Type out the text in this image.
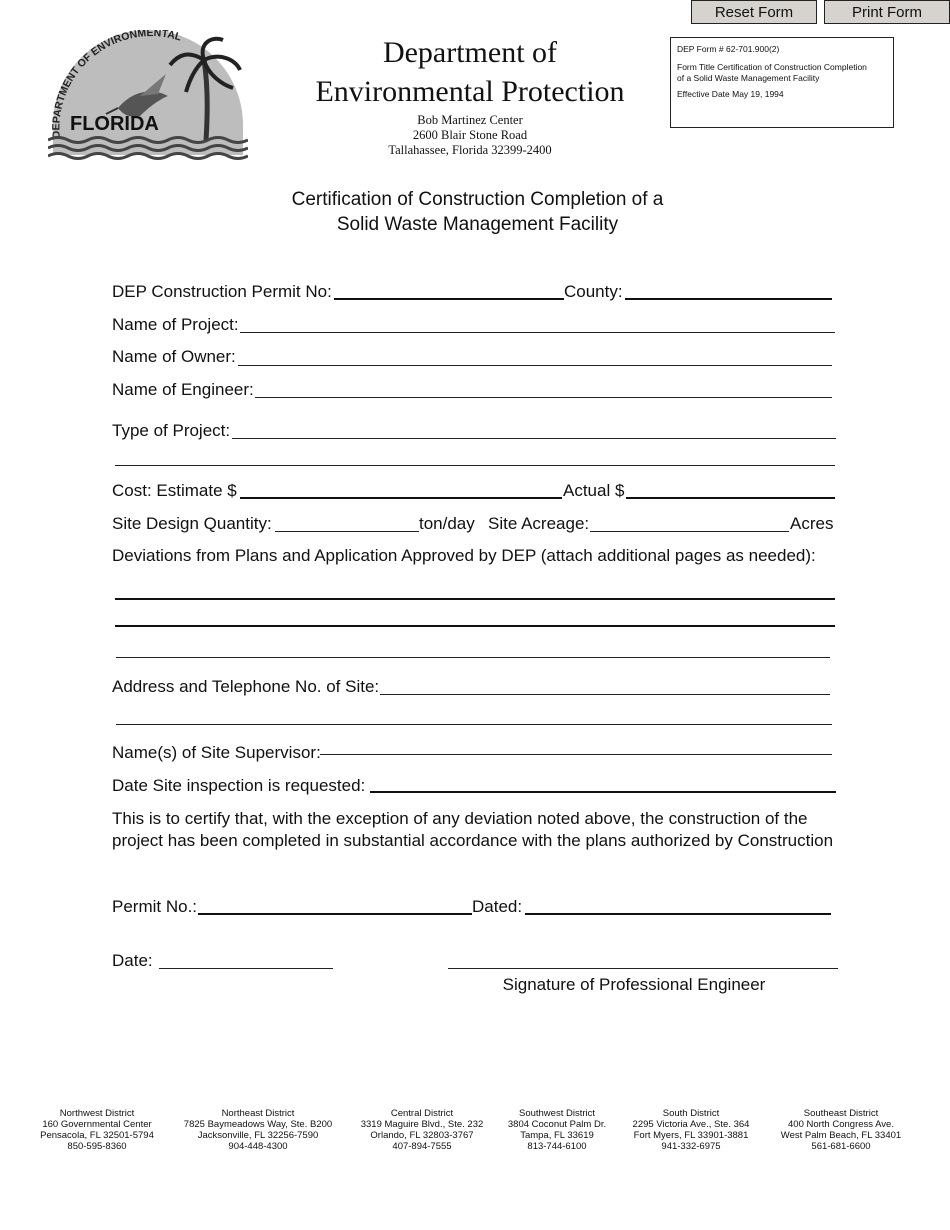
Reset Form	Print Form
DEPARTMENT OF ENVIRONMENTAL
FLORIDA
Department of
Environmental Protection
Bob Martinez Center
2600 Blair Stone Road
Tallahassee, Florida 32399-2400
DEP Form # 62-701.900(2)
Form Title Certification of Construction Completion
of a Solid Waste Management Facility
Effective Date May 19, 1994
Certification of Construction Completion of a
Solid Waste Management Facility
DEP Construction Permit No:	County:
Name of Project:
Name of Owner:
Name of Engineer:
Type of Project:
Cost: Estimate $	Actual $
Site Design Quantity:	ton/day Site Acreage:	Acres
Deviations from Plans and Application Approved by DEP (attach additional pages as needed):
Address and Telephone No. of Site:
Name(s) of Site Supervisor:
Date Site inspection is requested:
This is to certify that, with the exception of any deviation noted above, the construction of the project has been completed in substantial accordance with the plans authorized by Construction
Permit No.:	Dated:
Date:
Signature of Professional Engineer
Northwest District
160 Governmental Center
Pensacola, FL 32501-5794
850-595-8360
Northeast District
7825 Baymeadows Way, Ste. B200
Jacksonville, FL 32256-7590
904-448-4300
Central District
3319 Maguire Blvd., Ste. 232
Orlando, FL 32803-3767
407-894-7555
Southwest District
3804 Coconut Palm Dr.
Tampa, FL 33619
813-744-6100
South District
2295 Victoria Ave., Ste. 364
Fort Myers, FL 33901-3881
941-332-6975
Southeast District
400 North Congress Ave.
West Palm Beach, FL 33401
561-681-6600
